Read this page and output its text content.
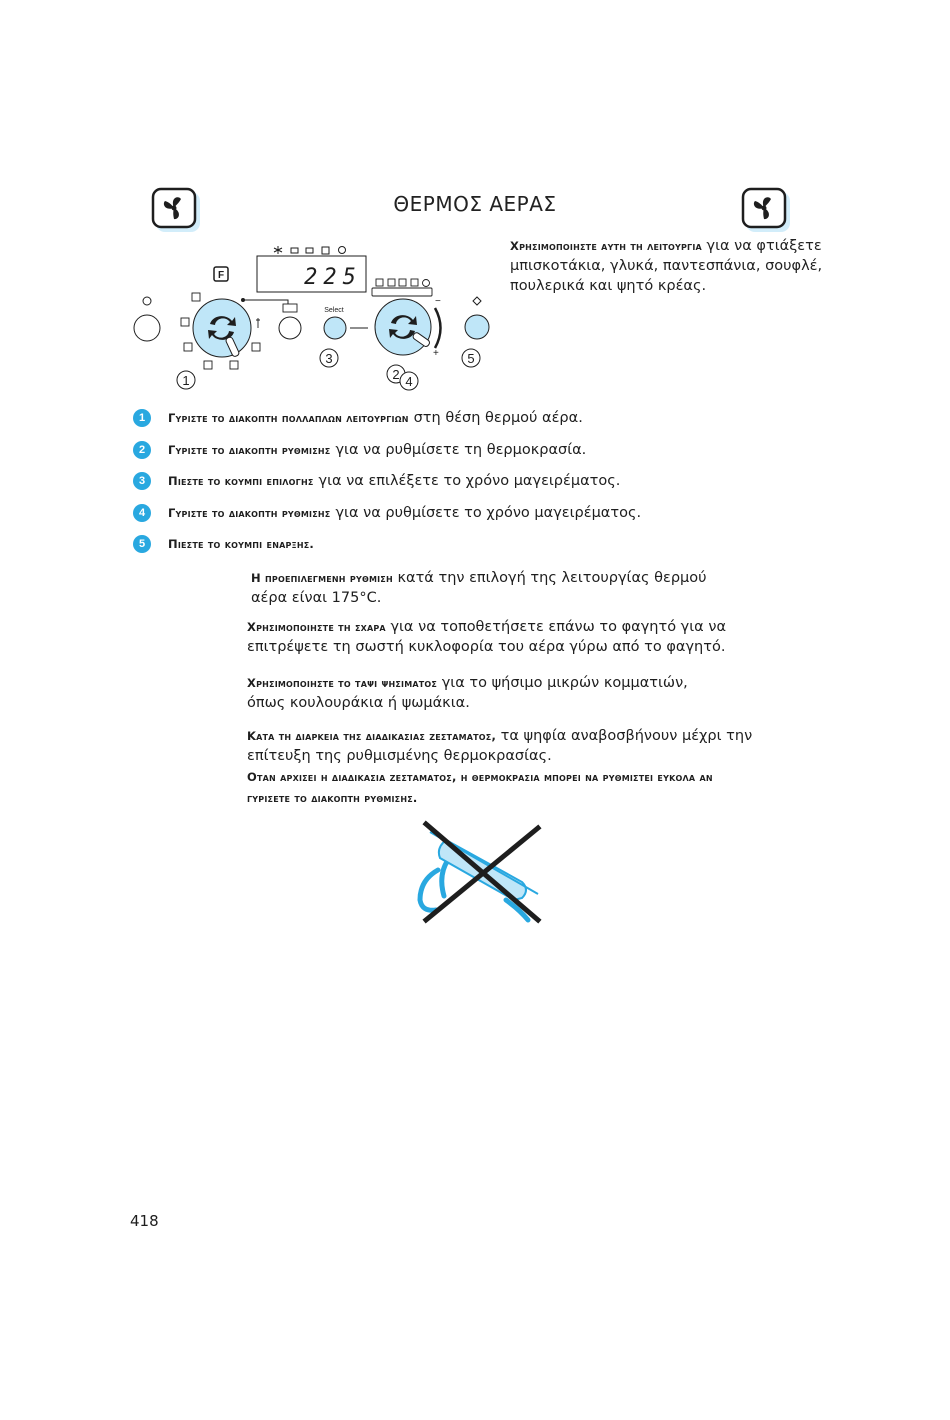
ΘΕΡΜΟΣ ΑΕΡΑΣ
225
F
Select
−
+
1
3
2 4
5
Χρησιμοποιηστε αυτη τη λειτουργια για να φτιάξετε μπισκοτάκια, γλυκά, παντεσπάνια, σουφλέ, πουλερικά και ψητό κρέας.
1	Γυριστε το διακοπτη πολλαπλων λειτουργιων στη θέση θερμού αέρα.
2	Γυριστε το διακοπτη ρυθμισησ για να ρυθμίσετε τη θερμοκρασία.
3	Πιεστε το κουμπι επιλογησ για να επιλέξετε το χρόνο μαγειρέματος.
4	Γυριστε το διακοπτη ρυθμισησ για να ρυθμίσετε το χρόνο μαγειρέματος.
5	Πιεστε το κουμπι εναρξησ.
Η προεπιλεγμενη ρυθμιση κατά την επιλογή της λειτουργίας θερμού αέρα είναι 175°C.
Χρησιμοποιηστε τη σχαρα για να τοποθετήσετε επάνω το φαγητό για να επιτρέψετε τη σωστή κυκλοφορία του αέρα γύρω από το φαγητό.
Χρησιμοποιηστε το ταψι ψησιματοσ για το ψήσιμο μικρών κομματιών, όπως κουλουράκια ή ψωμάκια.
Κατα τη διαρκεια τησ διαδικασιασ ζεσταματοσ, τα ψηφία αναβοσβήνουν μέχρι την επίτευξη της ρυθμισμένης θερμοκρασίας.
Οταν αρχισει η διαδικασια ζεσταματοσ, η θερμοκρασια μπορει να ρυθμιστει ευκολα αν γυρισετε το διακοπτη ρυθμισησ.
418
